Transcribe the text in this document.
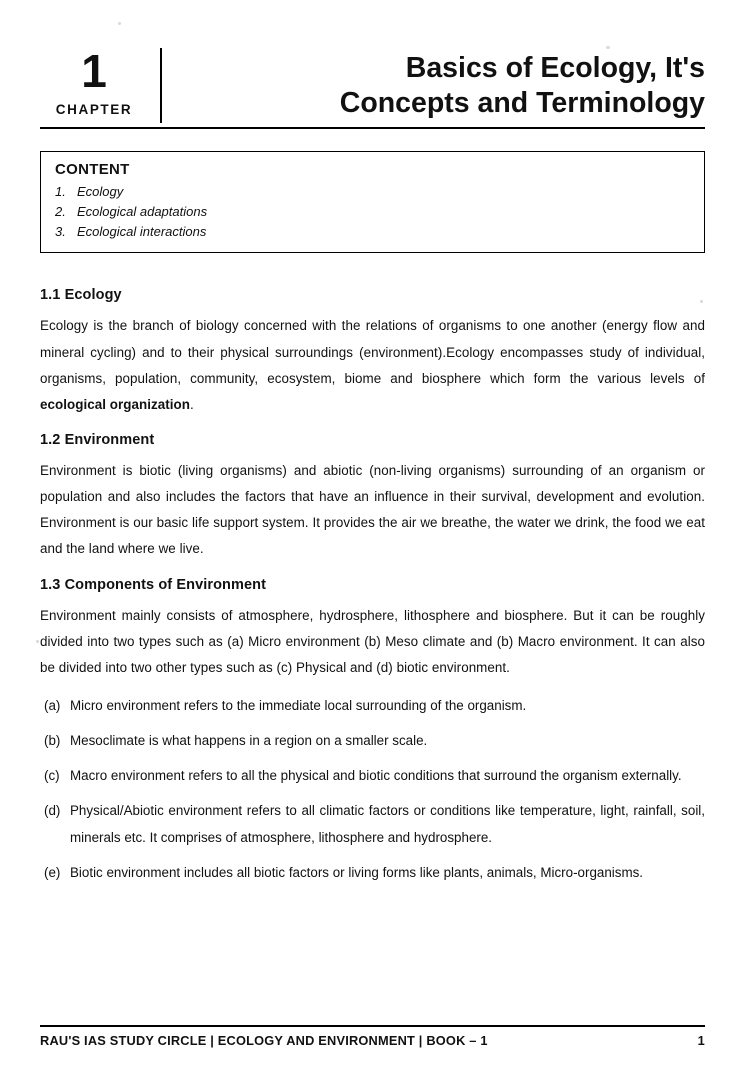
1
CHAPTER
Basics of Ecology, It's
Concepts and Terminology
CONTENT
1. Ecology
2. Ecological adaptations
3. Ecological interactions
1.1 Ecology

Ecology is the branch of biology concerned with the relations of organisms to one another (energy flow and mineral cycling) and to their physical surroundings (environment).Ecology encompasses study of individual, organisms, population, community, ecosystem, biome and biosphere which form the various levels of ecological organization.

1.2 Environment

Environment is biotic (living organisms) and abiotic (non-living organisms) surrounding of an organism or population and also includes the factors that have an influence in their survival, development and evolution. Environment is our basic life support system. It provides the air we breathe, the water we drink, the food we eat and the land where we live.

1.3 Components of Environment

Environment mainly consists of atmosphere, hydrosphere, lithosphere and biosphere. But it can be roughly divided into two types such as (a) Micro environment (b) Meso climate and (b) Macro environment. It can also be divided into two other types such as (c) Physical and (d) biotic environment.

(a) Micro environment refers to the immediate local surrounding of the organism.
(b) Mesoclimate is what happens in a region on a smaller scale.
(c) Macro environment refers to all the physical and biotic conditions that surround the organism externally.
(d) Physical/Abiotic environment refers to all climatic factors or conditions like temperature, light, rainfall, soil, minerals etc. It comprises of atmosphere, lithosphere and hydrosphere.
(e) Biotic environment includes all biotic factors or living forms like plants, animals, Micro-organisms.
RAU'S IAS STUDY CIRCLE | ECOLOGY AND ENVIRONMENT | BOOK – 1	1
